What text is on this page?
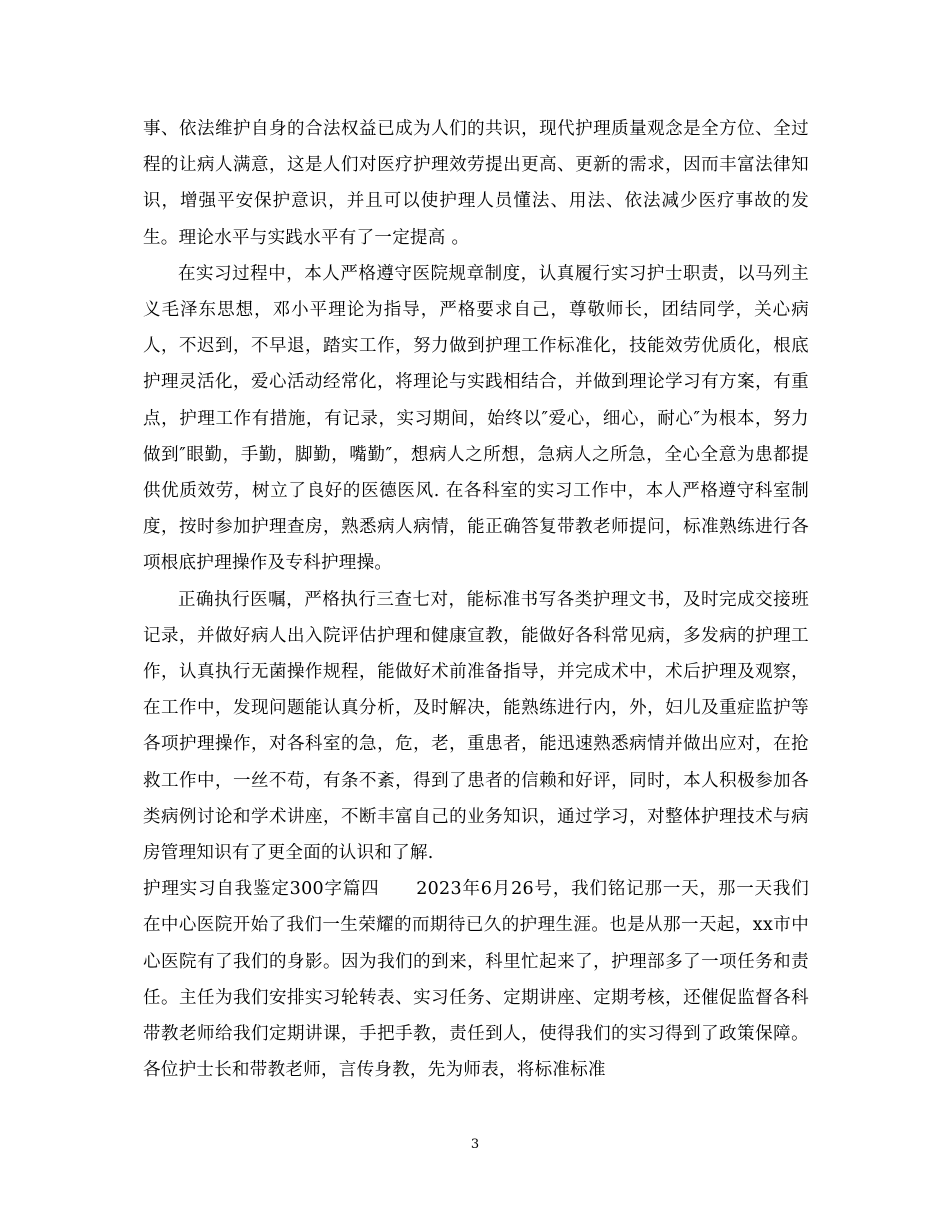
事、依法维护自身的合法权益已成为人们的共识，现代护理质量观念是全方位、全过程的让病人满意，这是人们对医疗护理效劳提出更高、更新的需求，因而丰富法律知识，增强平安保护意识，并且可以使护理人员懂法、用法、依法减少医疗事故的发生。理论水平与实践水平有了一定提高 。

在实习过程中，本人严格遵守医院规章制度，认真履行实习护士职责，以马列主义毛泽东思想，邓小平理论为指导，严格要求自己，尊敬师长，团结同学，关心病人，不迟到，不早退，踏实工作，努力做到护理工作标准化，技能效劳优质化，根底护理灵活化，爱心活动经常化，将理论与实践相结合，并做到理论学习有方案，有重点，护理工作有措施，有记录，实习期间，始终以″爱心，细心，耐心″为根本，努力做到″眼勤，手勤，脚勤，嘴勤″，想病人之所想，急病人之所急，全心全意为患都提供优质效劳，树立了良好的医德医风. 在各科室的实习工作中，本人严格遵守科室制度，按时参加护理查房，熟悉病人病情，能正确答复带教老师提问，标准熟练进行各项根底护理操作及专科护理操。

正确执行医嘱，严格执行三查七对，能标准书写各类护理文书，及时完成交接班记录，并做好病人出入院评估护理和健康宣教，能做好各科常见病，多发病的护理工作，认真执行无菌操作规程，能做好术前准备指导，并完成术中，术后护理及观察，在工作中，发现问题能认真分析，及时解决，能熟练进行内，外，妇儿及重症监护等各项护理操作，对各科室的急，危，老，重患者，能迅速熟悉病情并做出应对，在抢救工作中，一丝不苟，有条不紊，得到了患者的信赖和好评，同时，本人积极参加各类病例讨论和学术讲座，不断丰富自己的业务知识，通过学习，对整体护理技术与病房管理知识有了更全面的认识和了解.

护理实习自我鉴定300字篇四　　2023年6月26号，我们铭记那一天，那一天我们在中心医院开始了我们一生荣耀的而期待已久的护理生涯。也是从那一天起，xx市中心医院有了我们的身影。因为我们的到来，科里忙起来了，护理部多了一项任务和责任。主任为我们安排实习轮转表、实习任务、定期讲座、定期考核，还催促监督各科带教老师给我们定期讲课，手把手教，责任到人，使得我们的实习得到了政策保障。各位护士长和带教老师，言传身教，先为师表，将标准标准

3
